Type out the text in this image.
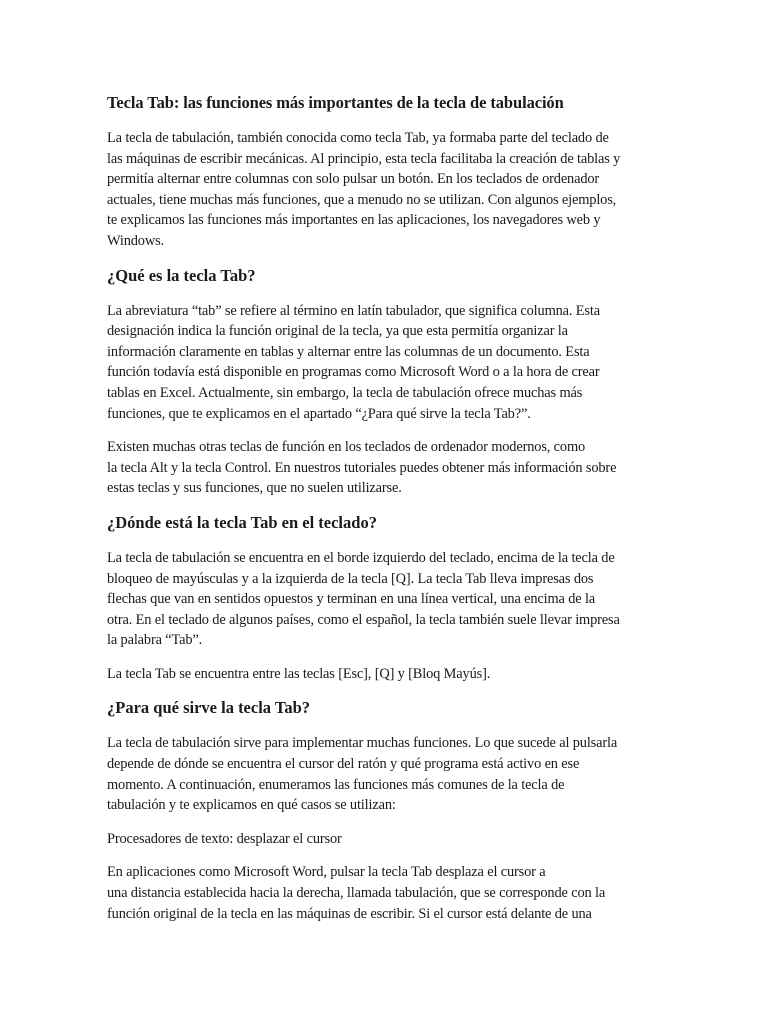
Tecla Tab: las funciones más importantes de la tecla de tabulación

La tecla de tabulación, también conocida como tecla Tab, ya formaba parte del teclado de
las máquinas de escribir mecánicas. Al principio, esta tecla facilitaba la creación de tablas y
permitía alternar entre columnas con solo pulsar un botón. En los teclados de ordenador
actuales, tiene muchas más funciones, que a menudo no se utilizan. Con algunos ejemplos,
te explicamos las funciones más importantes en las aplicaciones, los navegadores web y
Windows.

¿Qué es la tecla Tab?

La abreviatura “tab” se refiere al término en latín tabulador, que significa columna. Esta
designación indica la función original de la tecla, ya que esta permitía organizar la
información claramente en tablas y alternar entre las columnas de un documento. Esta
función todavía está disponible en programas como Microsoft Word o a la hora de crear
tablas en Excel. Actualmente, sin embargo, la tecla de tabulación ofrece muchas más
funciones, que te explicamos en el apartado “¿Para qué sirve la tecla Tab?”.

Existen muchas otras teclas de función en los teclados de ordenador modernos, como
la tecla Alt y la tecla Control. En nuestros tutoriales puedes obtener más información sobre
estas teclas y sus funciones, que no suelen utilizarse.

¿Dónde está la tecla Tab en el teclado?

La tecla de tabulación se encuentra en el borde izquierdo del teclado, encima de la tecla de
bloqueo de mayúsculas y a la izquierda de la tecla [Q]. La tecla Tab lleva impresas dos
flechas que van en sentidos opuestos y terminan en una línea vertical, una encima de la
otra. En el teclado de algunos países, como el español, la tecla también suele llevar impresa
la palabra “Tab”.

La tecla Tab se encuentra entre las teclas [Esc], [Q] y [Bloq Mayús].

¿Para qué sirve la tecla Tab?

La tecla de tabulación sirve para implementar muchas funciones. Lo que sucede al pulsarla
depende de dónde se encuentra el cursor del ratón y qué programa está activo en ese
momento. A continuación, enumeramos las funciones más comunes de la tecla de
tabulación y te explicamos en qué casos se utilizan:

Procesadores de texto: desplazar el cursor

En aplicaciones como Microsoft Word, pulsar la tecla Tab desplaza el cursor a
una distancia establecida hacia la derecha, llamada tabulación, que se corresponde con la
función original de la tecla en las máquinas de escribir. Si el cursor está delante de una
